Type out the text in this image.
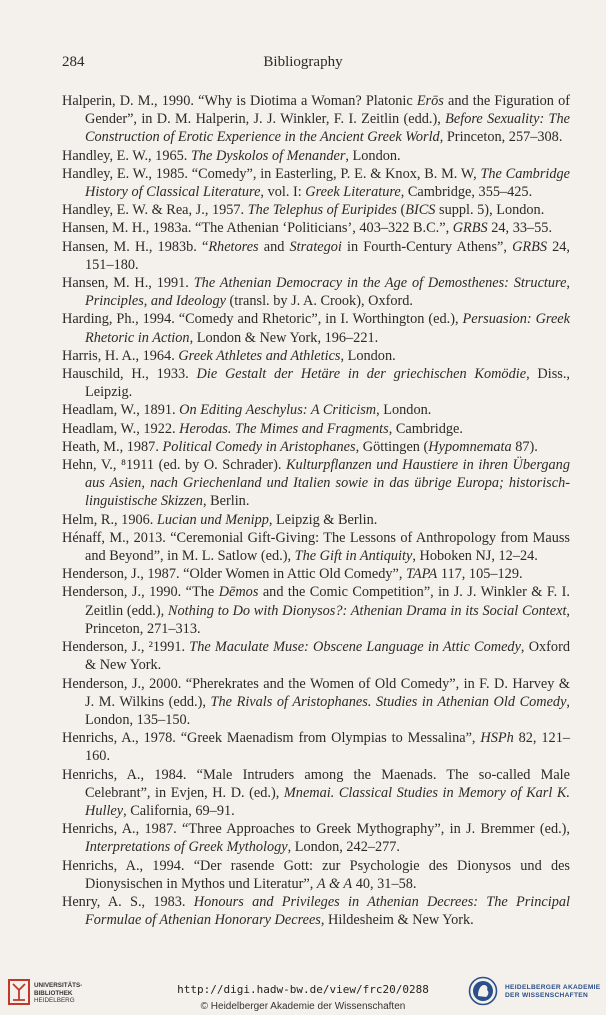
284	Bibliography
Halperin, D. M., 1990. “Why is Diotima a Woman? Platonic Erōs and the Figuration of Gender”, in D. M. Halperin, J. J. Winkler, F. I. Zeitlin (edd.), Before Sexuality: The Construction of Erotic Experience in the Ancient Greek World, Princeton, 257–308.
Handley, E. W., 1965. The Dyskolos of Menander, London.
Handley, E. W., 1985. “Comedy”, in Easterling, P. E. & Knox, B. M. W, The Cambridge History of Classical Literature, vol. I: Greek Literature, Cambridge, 355–425.
Handley, E. W. & Rea, J., 1957. The Telephus of Euripides (BICS suppl. 5), London.
Hansen, M. H., 1983a. “The Athenian ‘Politicians’, 403–322 B.C.”, GRBS 24, 33–55.
Hansen, M. H., 1983b. “Rhetores and Strategoi in Fourth-Century Athens”, GRBS 24, 151–180.
Hansen, M. H., 1991. The Athenian Democracy in the Age of Demosthenes: Structure, Principles, and Ideology (transl. by J. A. Crook), Oxford.
Harding, Ph., 1994. “Comedy and Rhetoric”, in I. Worthington (ed.), Persuasion: Greek Rhetoric in Action, London & New York, 196–221.
Harris, H. A., 1964. Greek Athletes and Athletics, London.
Hauschild, H., 1933. Die Gestalt der Hetäre in der griechischen Komödie, Diss., Leipzig.
Headlam, W., 1891. On Editing Aeschylus: A Criticism, London.
Headlam, W., 1922. Herodas. The Mimes and Fragments, Cambridge.
Heath, M., 1987. Political Comedy in Aristophanes, Göttingen (Hypomnemata 87).
Hehn, V., ⁸1911 (ed. by O. Schrader). Kulturpflanzen und Haustiere in ihren Übergang aus Asien, nach Griechenland und Italien sowie in das übrige Europa; historisch-linguistische Skizzen, Berlin.
Helm, R., 1906. Lucian und Menipp, Leipzig & Berlin.
Hénaff, M., 2013. “Ceremonial Gift-Giving: The Lessons of Anthropology from Mauss and Beyond”, in M. L. Satlow (ed.), The Gift in Antiquity, Hoboken NJ, 12–24.
Henderson, J., 1987. “Older Women in Attic Old Comedy”, TAPA 117, 105–129.
Henderson, J., 1990. “The Dēmos and the Comic Competition”, in J. J. Winkler & F. I. Zeitlin (edd.), Nothing to Do with Dionysos?: Athenian Drama in its Social Context, Princeton, 271–313.
Henderson, J., ²1991. The Maculate Muse: Obscene Language in Attic Comedy, Oxford & New York.
Henderson, J., 2000. “Pherekrates and the Women of Old Comedy”, in F. D. Harvey & J. M. Wilkins (edd.), The Rivals of Aristophanes. Studies in Athenian Old Comedy, London, 135–150.
Henrichs, A., 1978. “Greek Maenadism from Olympias to Messalina”, HSPh 82, 121–160.
Henrichs, A., 1984. “Male Intruders among the Maenads. The so-called Male Celebrant”, in Evjen, H. D. (ed.), Mnemai. Classical Studies in Memory of Karl K. Hulley, California, 69–91.
Henrichs, A., 1987. “Three Approaches to Greek Mythography”, in J. Bremmer (ed.), Interpretations of Greek Mythology, London, 242–277.
Henrichs, A., 1994. “Der rasende Gott: zur Psychologie des Dionysos und des Dionysischen in Mythos und Literatur”, A & A 40, 31–58.
Henry, A. S., 1983. Honours and Privileges in Athenian Decrees: The Principal Formulae of Athenian Honorary Decrees, Hildesheim & New York.
UNIVERSITÄTS-
BIBLIOTHEK
HEIDELBERG
http://digi.hadw-bw.de/view/frc20/0288
© Heidelberger Akademie der Wissenschaften
HEIDELBERGER AKADEMIE
DER WISSENSCHAFTEN
